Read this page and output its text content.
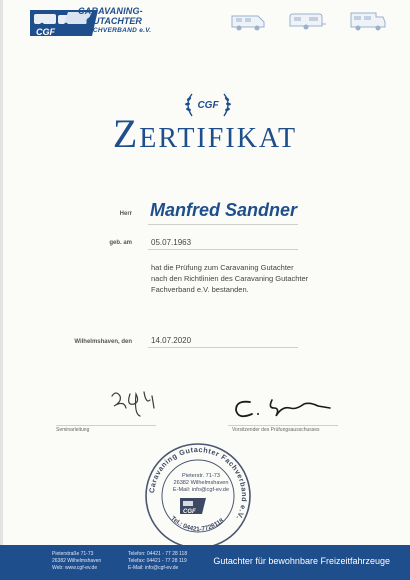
CGF
CARAVANING-
GUTACHTER
FACHVERBAND e.V.
CGF
Zertifikat
Herr Manfred Sandner
geb. am 05.07.1963
hat die Prüfung zum Caravaning Gutachter
nach den Richtlinien des Caravaning Gutachter
Fachverband e.V. bestanden.
Wilhelmshaven, den 14.07.2020
Seminarleitung	Vorsitzender des Prüfungsausschusses
Caravaning Gutachter Fachverband e.V.
Pieterstr. 71-73
26382 Wilhelmshaven
E-Mail: info@cgf-ev.de
CGF
Tel.: 04421-7728118
Pieterstraße 71-73
26382 Wilhelmshaven
Web: www.cgf-ev.de
Telefon: 04421 - 77 28 118
Telefax: 04421 - 77 28 119
E-Mail: info@cgf-ev.de
Gutachter für bewohnbare Freizeitfahrzeuge
